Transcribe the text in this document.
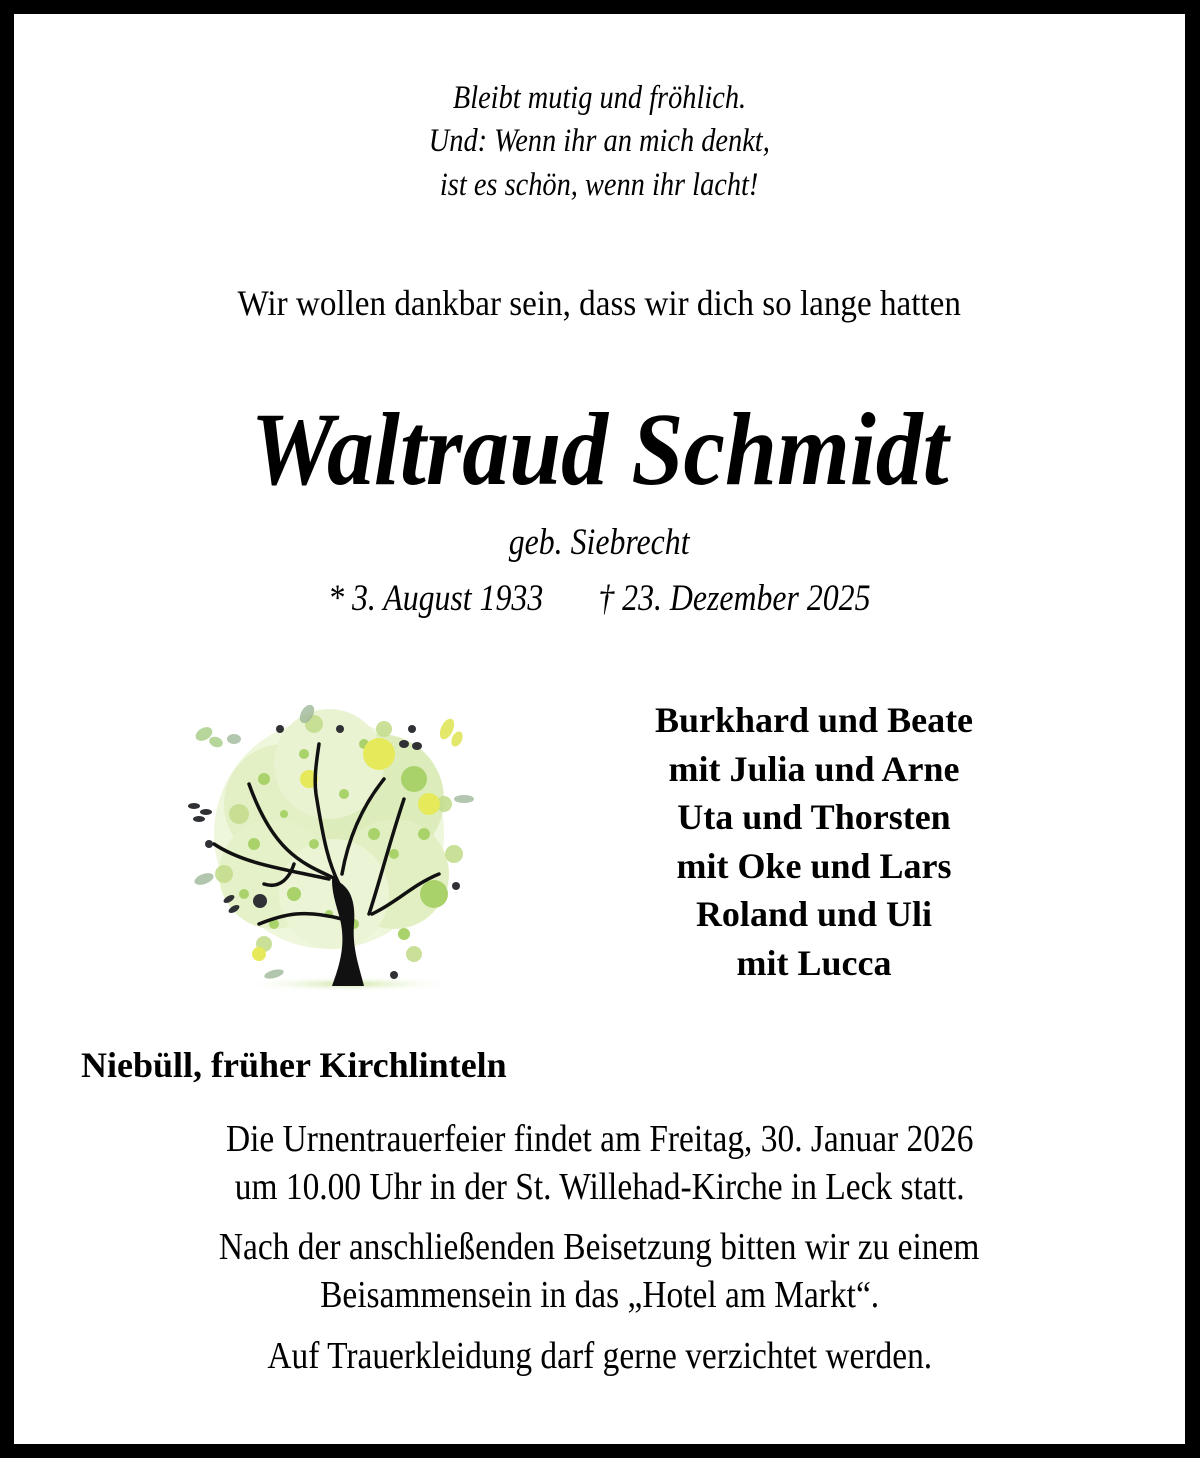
Bleibt mutig und fröhlich.
Und: Wenn ihr an mich denkt,
ist es schön, wenn ihr lacht!
Wir wollen dankbar sein, dass wir dich so lange hatten
Waltraud Schmidt
geb. Siebrecht
* 3. August 1933 † 23. Dezember 2025
Burkhard und Beate
mit Julia und Arne
Uta und Thorsten
mit Oke und Lars
Roland und Uli
mit Lucca
Niebüll, früher Kirchlinteln
Die Urnentrauerfeier findet am Freitag, 30. Januar 2026
um 10.00 Uhr in der St. Willehad-Kirche in Leck statt.
Nach der anschließenden Beisetzung bitten wir zu einem
Beisammensein in das „Hotel am Markt“.
Auf Trauerkleidung darf gerne verzichtet werden.
